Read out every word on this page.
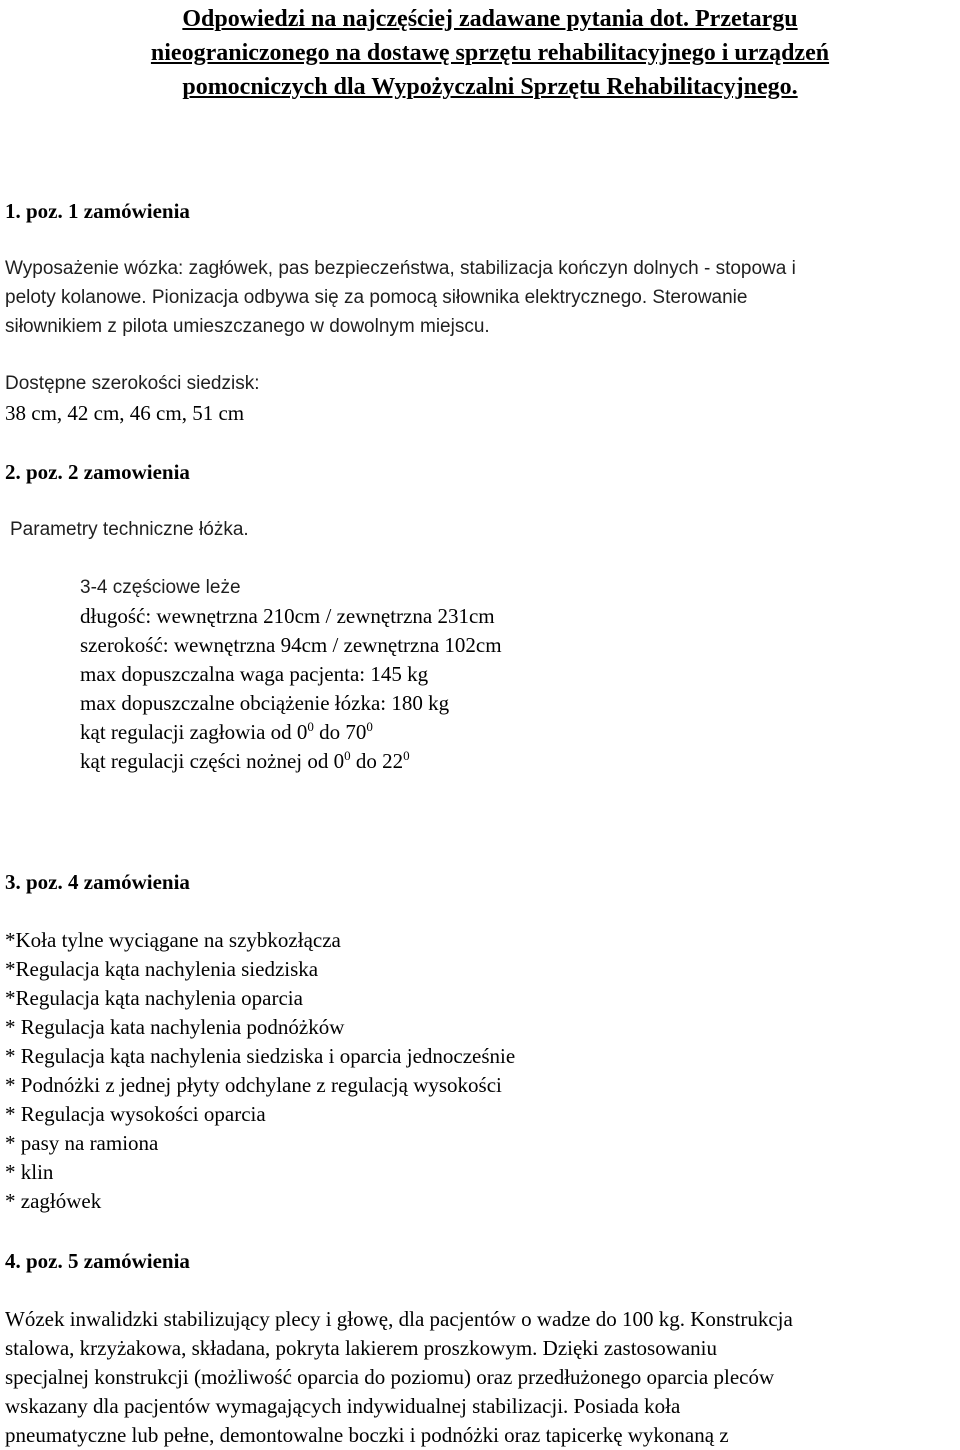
Odpowiedzi na najczęściej zadawane pytania dot. Przetargu
nieograniczonego na dostawę sprzętu rehabilitacyjnego i urządzeń
pomocniczych dla Wypożyczalni Sprzętu Rehabilitacyjnego.
1. poz. 1 zamówienia
Wyposażenie wózka: zagłówek, pas bezpieczeństwa, stabilizacja kończyn dolnych - stopowa i
peloty kolanowe. Pionizacja odbywa się za pomocą siłownika elektrycznego. Sterowanie
siłownikiem z pilota umieszczanego w dowolnym miejscu.
Dostępne szerokości siedzisk:
38 cm, 42 cm, 46 cm, 51 cm
2. poz. 2 zamowienia
Parametry techniczne łóżka.
3-4 częściowe leże
długość: wewnętrzna 210cm / zewnętrzna 231cm
szerokość: wewnętrzna 94cm / zewnętrzna 102cm
max dopuszczalna waga pacjenta: 145 kg
max dopuszczalne obciążenie łózka: 180 kg
kąt regulacji zagłowia od $0^0$ do $70^0$
kąt regulacji części nożnej od $0^0$ do $22^0$
3. poz. 4 zamówienia
*Koła tylne wyciągane na szybkozłącza
*Regulacja kąta nachylenia siedziska
*Regulacja kąta nachylenia oparcia
* Regulacja kata nachylenia podnóżków
* Regulacja kąta nachylenia siedziska i oparcia jednocześnie
* Podnóżki z jednej płyty odchylane z regulacją wysokości
* Regulacja wysokości oparcia
* pasy na ramiona
* klin
* zagłówek
4. poz. 5 zamówienia
Wózek inwalidzki stabilizujący plecy i głowę, dla pacjentów o wadze do 100 kg. Konstrukcja
stalowa, krzyżakowa, składana, pokryta lakierem proszkowym. Dzięki zastosowaniu
specjalnej konstrukcji (możliwość oparcia do poziomu) oraz przedłużonego oparcia pleców
wskazany dla pacjentów wymagających indywidualnej stabilizacji. Posiada koła
pneumatyczne lub pełne, demontowalne boczki i podnóżki oraz tapicerkę wykonaną z
